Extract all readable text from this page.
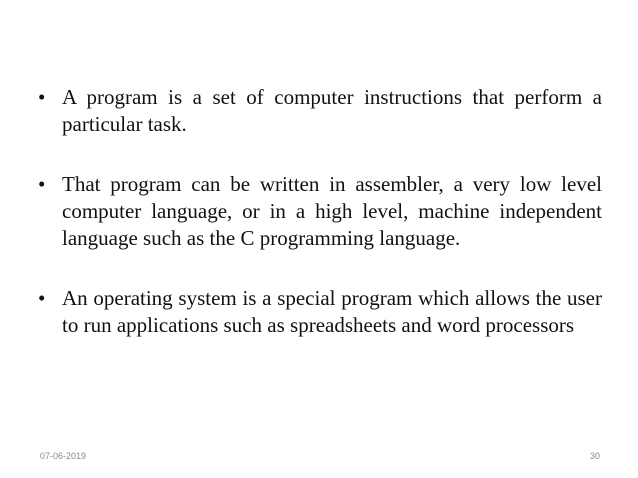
• A program is a set of computer instructions that perform a particular task.
• That program can be written in assembler, a very low level computer language, or in a high level, machine independent language such as the C programming language.
• An operating system is a special program which allows the user to run applications such as spreadsheets and word processors
07-06-2019	30
